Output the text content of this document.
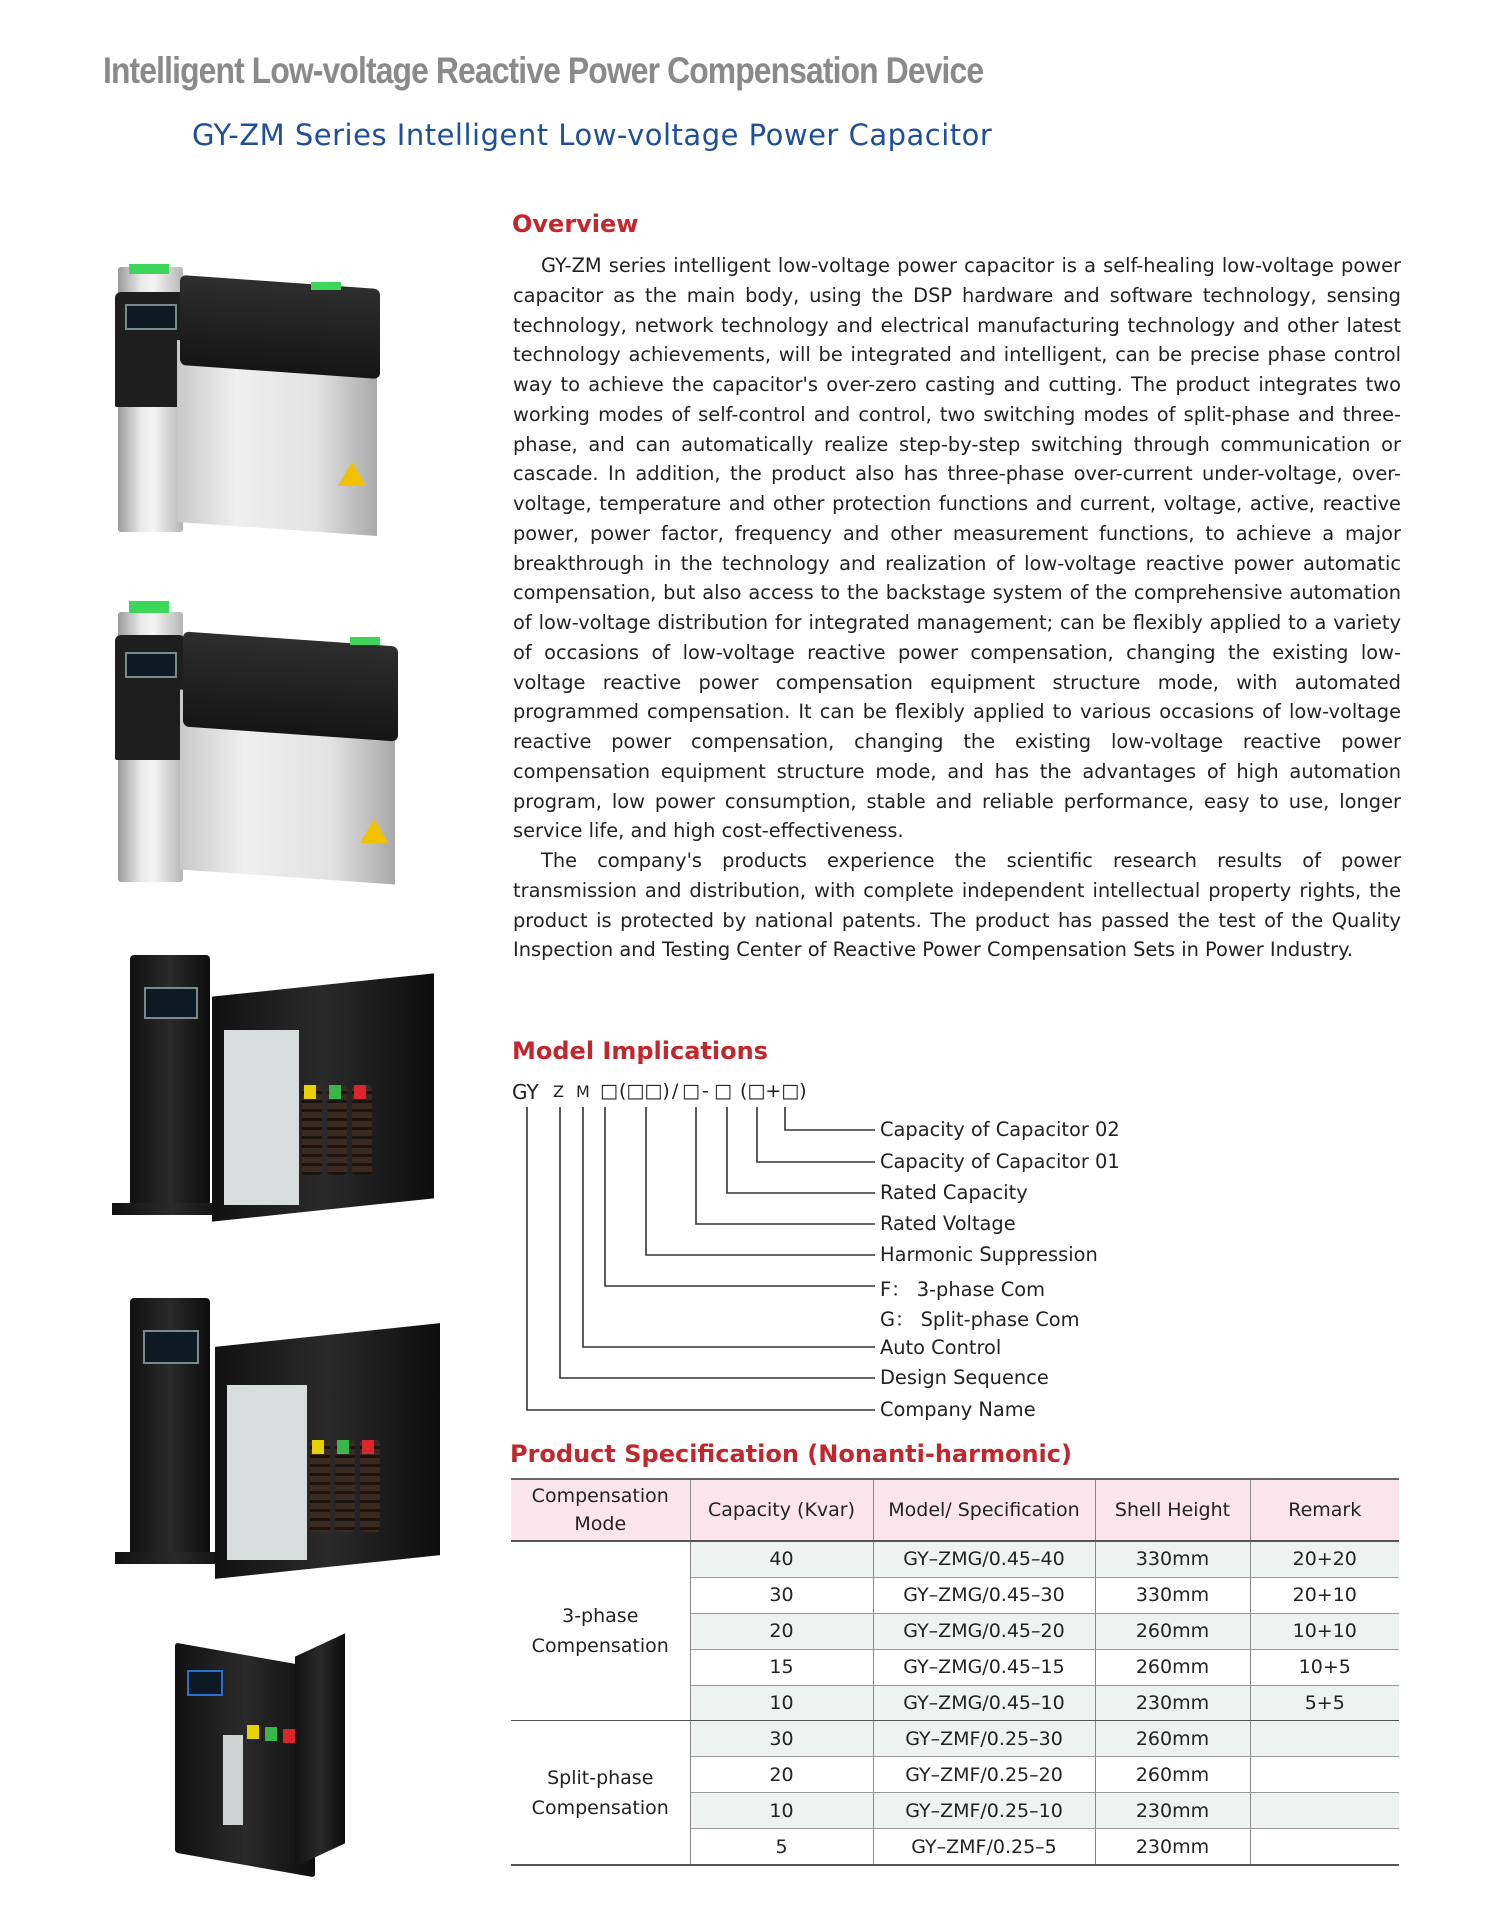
Intelligent Low-voltage Reactive Power Compensation Device
GY-ZM Series Intelligent Low-voltage Power Capacitor
Overview

GY-ZM series intelligent low-voltage power capacitor is a self-healing low-voltage power capacitor as the main body, using the DSP hardware and software technology, sensing technology, network technology and electrical manufacturing technology and other latest technology achievements, will be integrated and intelligent, can be precise phase control way to achieve the capacitor's over-zero casting and cutting. The product integrates two working modes of self-control and control, two switching modes of split-phase and three-phase, and can automatically realize step-by-step switching through communication or cascade. In addition, the product also has three-phase over-current under-voltage, over-voltage, temperature and other protection functions and current, voltage, active, reactive power, power factor, frequency and other measurement functions, to achieve a major breakthrough in the technology and realization of low-voltage reactive power automatic compensation, but also access to the backstage system of the comprehensive automation of low-voltage distribution for integrated management; can be flexibly applied to a variety of occasions of low-voltage reactive power compensation, changing the existing low-voltage reactive power compensation equipment structure mode, with automated programmed compensation. It can be flexibly applied to various occasions of low-voltage reactive power compensation, changing the existing low-voltage reactive power compensation equipment structure mode, and has the advantages of high automation program, low power consumption, stable and reliable performance, easy to use, longer service life, and high cost-effectiveness.

The company's products experience the scientific research results of power transmission and distribution, with complete independent intellectual property rights, the product is protected by national patents. The product has passed the test of the Quality Inspection and Testing Center of Reactive Power Compensation Sets in Power Industry.

Model Implications
GY Z M □ (□□) / □ - □ (□+□)
Capacity of Capacitor 02
Capacity of Capacitor 01
Rated Capacity
Rated Voltage
Harmonic Suppression
F： 3-phase Com
G： Split-phase Com
Auto Control
Design Sequence
Company Name
Product Specification (Nonanti-harmonic)
Compensation Mode	Capacity (Kvar)	Model/ Specification	Shell Height	Remark
3-phase Compensation	40	GY–ZMG/0.45–40	330mm	20+20
	30	GY–ZMG/0.45–30	330mm	20+10
	20	GY–ZMG/0.45–20	260mm	10+10
	15	GY–ZMG/0.45–15	260mm	10+5
	10	GY–ZMG/0.45–10	230mm	5+5
Split-phase Compensation	30	GY–ZMF/0.25–30	260mm	
	20	GY–ZMF/0.25–20	260mm	
	10	GY–ZMF/0.25–10	230mm	
	5	GY–ZMF/0.25–5	230mm	
